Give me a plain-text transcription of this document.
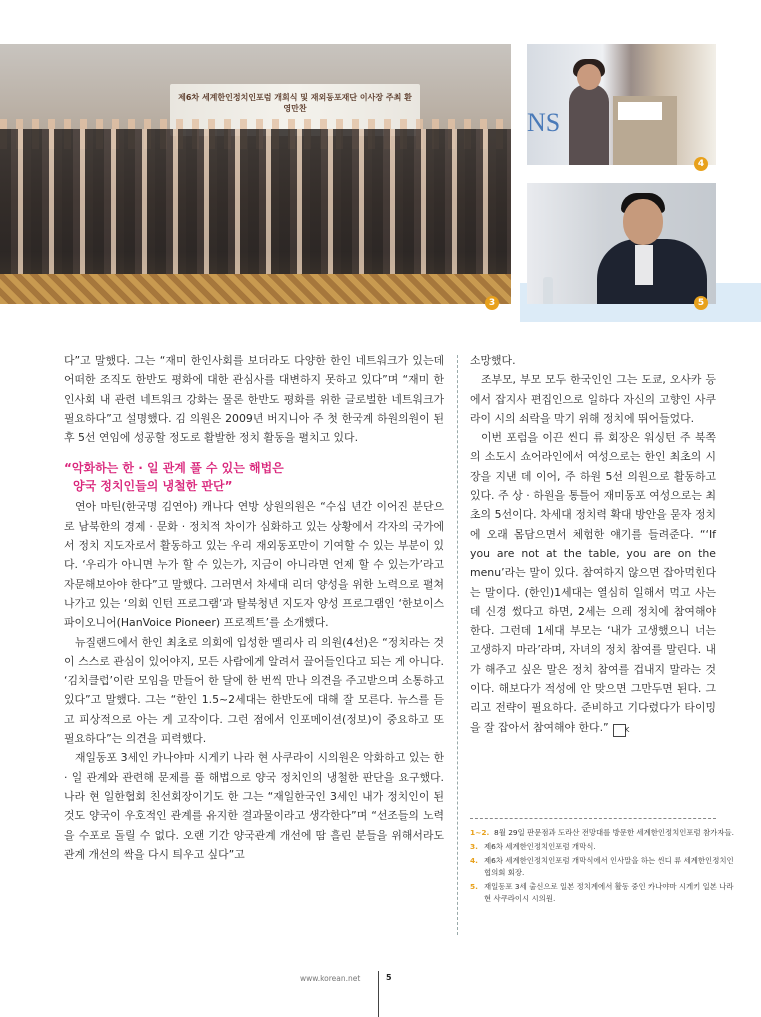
제6차 세계한인정치인포럼 개회식 및 재외동포재단 이사장 주최 환영만찬
3
NS
4
5

다”고 말했다. 그는 “재미 한인사회를 보더라도 다양한 한인 네트워크가 있는데 어떠한 조직도 한반도 평화에 대한 관심사를 대변하지 못하고 있다”며 “재미 한인사회 내 관련 네트워크 강화는 물론 한반도 평화를 위한 글로벌한 네트워크가 필요하다”고 설명했다. 김 의원은 2009년 버지니아 주 첫 한국계 하원의원이 된 후 5선 연임에 성공할 정도로 활발한 정치 활동을 펼치고 있다.

“악화하는 한 · 일 관계 풀 수 있는 해법은
양국 정치인들의 냉철한 판단”

연아 마틴(한국명 김연아) 캐나다 연방 상원의원은 “수십 년간 이어진 분단으로 남북한의 경제 · 문화 · 정치적 차이가 심화하고 있는 상황에서 각자의 국가에서 정치 지도자로서 활동하고 있는 우리 재외동포만이 기여할 수 있는 부분이 있다. ‘우리가 아니면 누가 할 수 있는가, 지금이 아니라면 언제 할 수 있는가’라고 자문해보아야 한다”고 말했다. 그러면서 차세대 리더 양성을 위한 노력으로 펼쳐나가고 있는 ‘의회 인턴 프로그램’과 탈북청년 지도자 양성 프로그램인 ‘한보이스 파이오니어(HanVoice Pioneer) 프로젝트’를 소개했다.

뉴질랜드에서 한인 최초로 의회에 입성한 멜리사 리 의원(4선)은 “정치라는 것이 스스로 관심이 있어야지, 모든 사람에게 알려서 끌어들인다고 되는 게 아니다. ‘김치클럽’이란 모임을 만들어 한 달에 한 번씩 만나 의견을 주고받으며 소통하고 있다”고 말했다. 그는 “한인 1.5~2세대는 한반도에 대해 잘 모른다. 뉴스를 듣고 피상적으로 아는 게 고작이다. 그런 점에서 인포메이션(정보)이 중요하고 또 필요하다”는 의견을 피력했다.

재일동포 3세인 카나야마 시게키 나라 현 사쿠라이 시의원은 악화하고 있는 한 · 일 관계와 관련해 문제를 풀 해법으로 양국 정치인의 냉철한 판단을 요구했다. 나라 현 일한협회 친선회장이기도 한 그는 “재일한국인 3세인 내가 정치인이 된 것도 양국이 우호적인 관계를 유지한 결과물이라고 생각한다”며 “선조들의 노력을 수포로 돌릴 수 없다. 오랜 기간 양국관계 개선에 땀 흘린 분들을 위해서라도 관계 개선의 싹을 다시 틔우고 싶다”고

소망했다.

조부모, 부모 모두 한국인인 그는 도쿄, 오사카 등에서 잡지사 편집인으로 일하다 자신의 고향인 사쿠라이 시의 쇠락을 막기 위해 정치에 뛰어들었다.

이번 포럼을 이끈 씬디 류 회장은 워싱턴 주 북쪽의 소도시 쇼어라인에서 여성으로는 한인 최초의 시장을 지낸 데 이어, 주 하원 5선 의원으로 활동하고 있다. 주 상 · 하원을 통틀어 재미동포 여성으로는 최초의 5선이다. 차세대 정치력 확대 방안을 묻자 정치에 오래 몸담으면서 체험한 얘기를 들려준다. “‘If you are not at the table, you are on the menu’라는 말이 있다. 참여하지 않으면 잡아먹힌다는 말이다. (한인)1세대는 열심히 일해서 먹고 사는 데 신경 썼다고 하면, 2세는 으레 정치에 참여해야 한다. 그런데 1세대 부모는 ‘내가 고생했으니 너는 고생하지 마라’라며, 자녀의 정치 참여를 말린다. 내가 해주고 싶은 말은 정치 참여를 겁내지 말라는 것이다. 해보다가 적성에 안 맞으면 그만두면 된다. 그리고 전략이 필요하다. 준비하고 기다렸다가 타이밍을 잘 잡아서 참여해야 한다.” K

1~2. 8월 29일 판문점과 도라산 전망대를 방문한 세계한인정치인포럼 참가자들.
3. 제6차 세계한인정치인포럼 개막식.
4. 제6차 세계한인정치인포럼 개막식에서 인사말을 하는 씬디 류 세계한인정치인협의회 회장.
5. 재일동포 3세 출신으로 일본 정치계에서 활동 중인 카나야마 시게키 일본 나라 현 사쿠라이시 시의원.
www.korean.net	5
